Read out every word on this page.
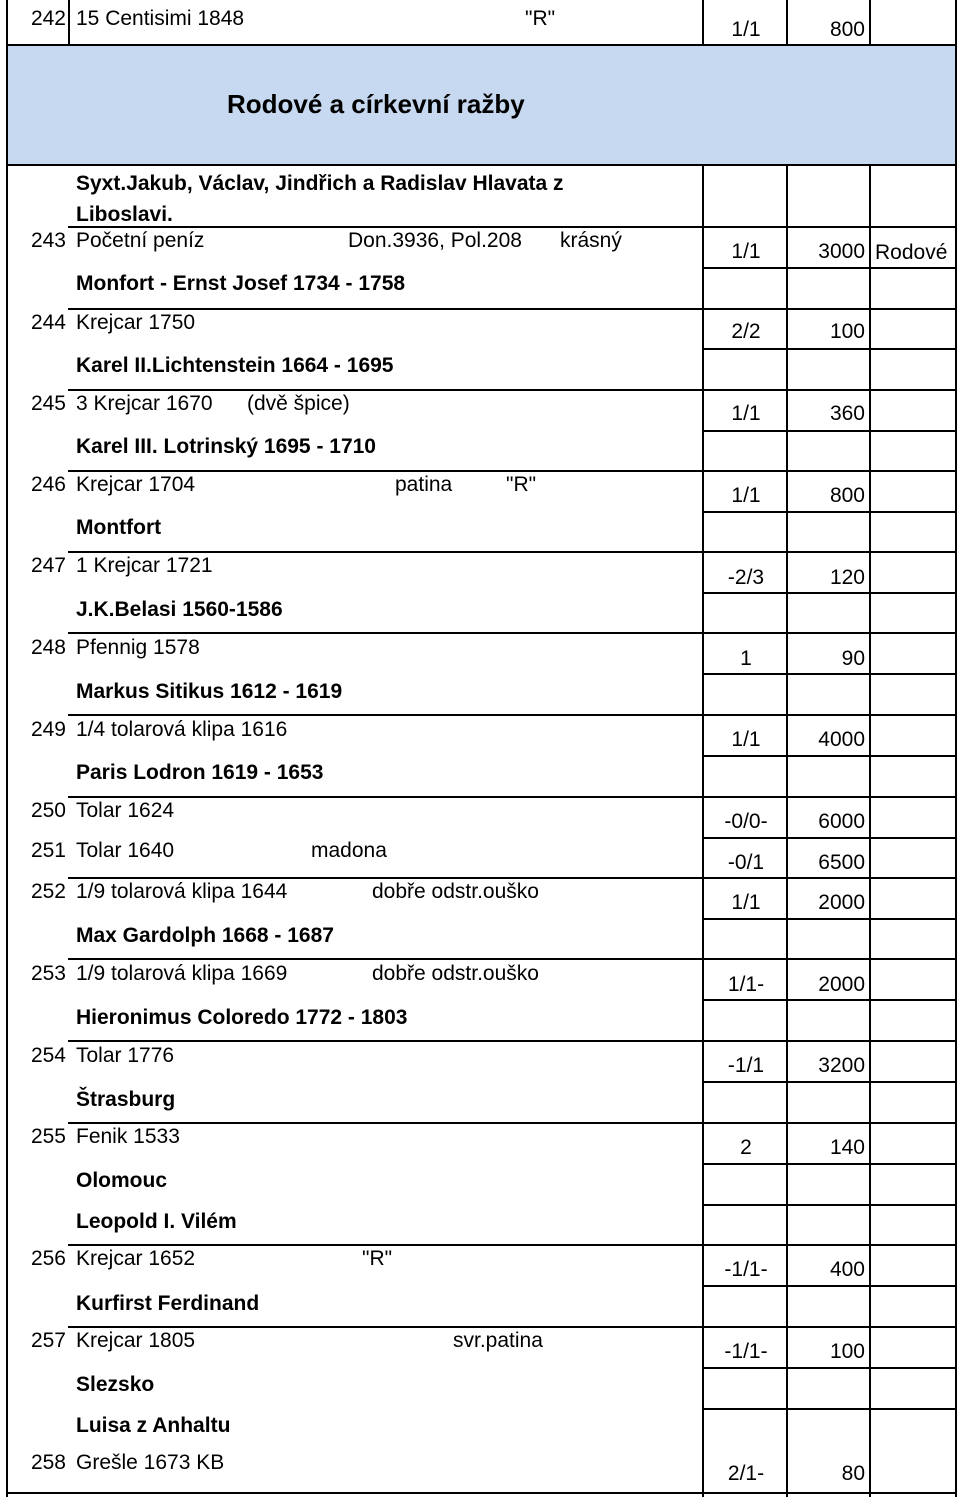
Rodové a církevní ražby
Rodové
242 15 Centisimi 1848	"R"	1/1	800
Syxt.Jakub, Václav, Jindřich a Radislav Hlavata z
Liboslavi.
243 Početní peníz	Don.3936, Pol.208 krásný	1/1	3000
Monfort - Ernst Josef 1734 - 1758
244 Krejcar 1750	2/2	100
Karel II.Lichtenstein 1664 - 1695
245 3 Krejcar 1670 (dvě špice)	1/1	360
Karel III. Lotrinský 1695 - 1710
246 Krejcar 1704	patina	"R"	1/1	800
Montfort
247 1 Krejcar 1721
-2/3	120
J.K.Belasi 1560-1586
248 Pfennig 1578	1	90
Markus Sitikus 1612 - 1619
249 1/4 tolarová klipa 1616	1/1	4000
Paris Lodron 1619 - 1653
250 Tolar 1624	-0/0-	6000
251 Tolar 1640	madona
-0/1	6500
252 1/9 tolarová klipa 1644	dobře odstr.ouško	1/1	2000
Max Gardolph 1668 - 1687
253 1/9 tolarová klipa 1669	dobře odstr.ouško	1/1-	2000
Hieronimus Coloredo 1772 - 1803
254 Tolar 1776	-1/1	3200
Štrasburg
255 Fenik 1533	2	140
Olomouc
Leopold I. Vilém
256 Krejcar 1652	"R"	-1/1-	400
Kurfirst Ferdinand
257 Krejcar 1805	svr.patina	-1/1-	100
Slezsko
Luisa z Anhaltu
258 Grešle 1673 KB	2/1-	80
